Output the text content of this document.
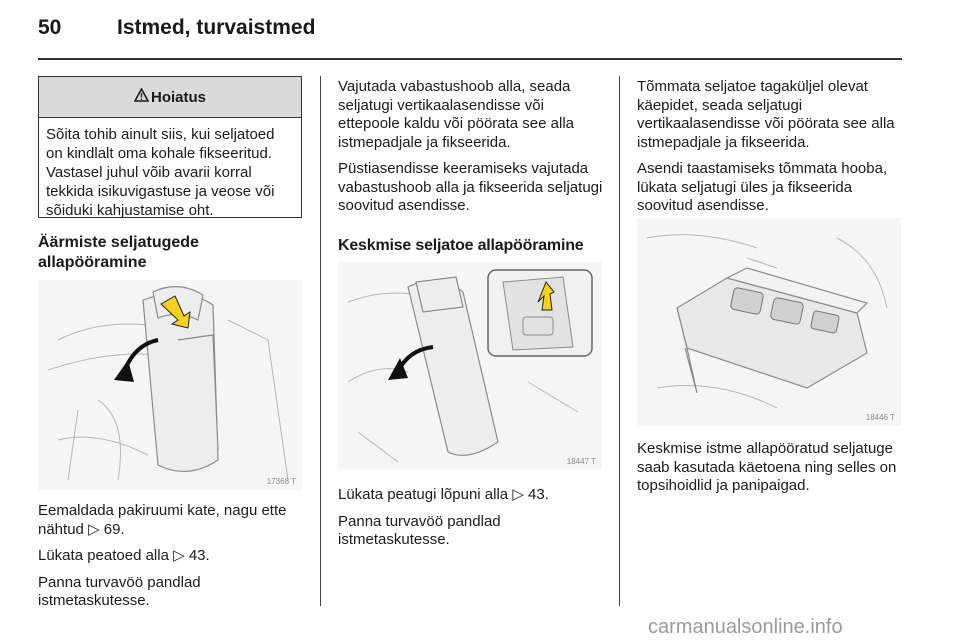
50	Istmed, turvaistmed
Hoiatus
Sõita tohib ainult siis, kui seljatoed on kindlalt oma kohale fikseeritud. Vastasel juhul võib avarii korral tekkida isikuvigastuse ja veose või sõiduki kahjustamise oht.
Äärmiste seljatugede allapööramine
17368 T

Eemaldada pakiruumi kate, nagu ette nähtud ▷ 69.

Lükata peatoed alla ▷ 43.

Panna turvavöö pandlad istmetaskutesse.

Vajutada vabastushoob alla, seada seljatugi vertikaalasendisse või ettepoole kaldu või pöörata see alla istmepadjale ja fikseerida.

Püstiasendisse keeramiseks vajutada vabastushoob alla ja fikseerida seljatugi soovitud asendisse.

Keskmise seljatoe allapööramine
18447 T

Lükata peatugi lõpuni alla ▷ 43.

Panna turvavöö pandlad istmetaskutesse.

Tõmmata seljatoe tagaküljel olevat käepidet, seada seljatugi vertikaalasendisse või pöörata see alla istmepadjale ja fikseerida.

Asendi taastamiseks tõmmata hooba, lükata seljatugi üles ja fikseerida soovitud asendisse.

18446 T

Keskmise istme allapööratud seljatuge saab kasutada käetoena ning selles on topsihoidlid ja panipaigad.

carmanualsonline.info
